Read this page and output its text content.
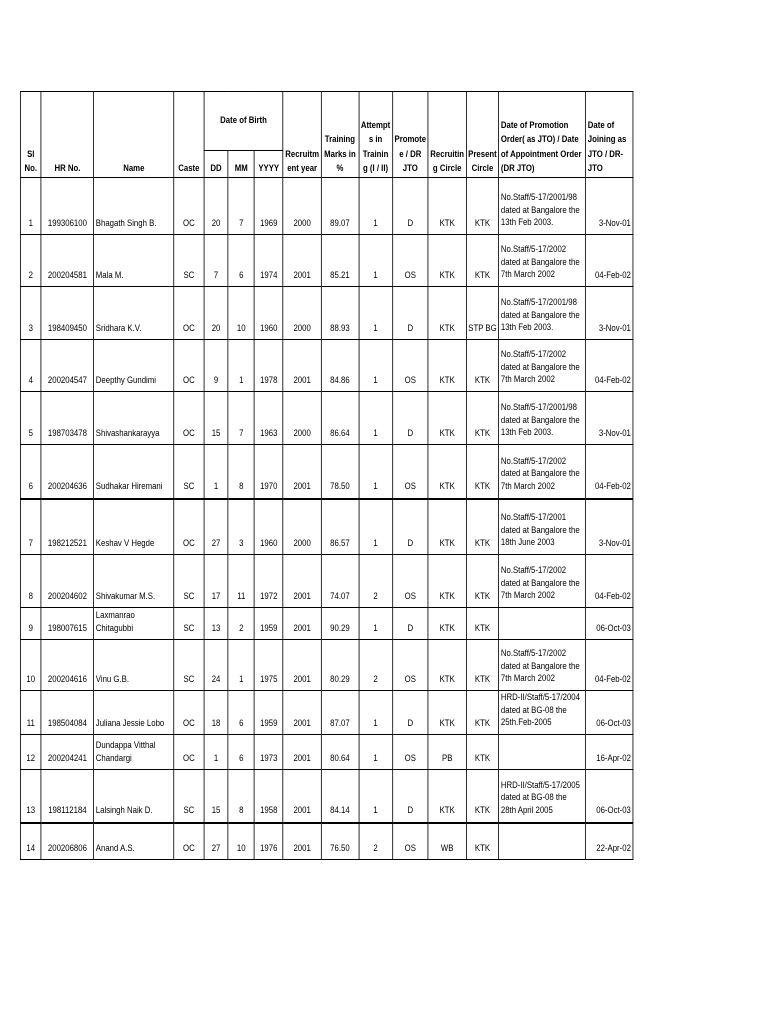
Sl No.	HR No.	Name	Caste	Date of Birth			Recruitm ent year	Training Marks in %	Attempt s in Trainin g (I / II)	Promote e / DR JTO	Recruitin g Circle	Present Circle	Date of Promotion Order( as JTO) / Date of Appointment Order (DR JTO)	Date of Joining as JTO / DR- JTO
				DD	MM	YYYY								
1	199306100	Bhagath Singh B.	OC	20	7	1969	2000	89.07	1	D	KTK	KTK	No.Staff/5-17/2001/98 dated at Bangalore the 13th Feb 2003.	3-Nov-01
2	200204581	Mala M.	SC	7	6	1974	2001	85.21	1	OS	KTK	KTK	No.Staff/5-17/2002 dated at Bangalore the 7th March 2002	04-Feb-02
3	198409450	Sridhara K.V.	OC	20	10	1960	2000	88.93	1	D	KTK	STP BG	No.Staff/5-17/2001/98 dated at Bangalore the 13th Feb 2003.	3-Nov-01
4	200204547	Deepthy Gundimi	OC	9	1	1978	2001	84.86	1	OS	KTK	KTK	No.Staff/5-17/2002 dated at Bangalore the 7th March 2002	04-Feb-02
5	198703478	Shivashankarayya	OC	15	7	1963	2000	86.64	1	D	KTK	KTK	No.Staff/5-17/2001/98 dated at Bangalore the 13th Feb 2003.	3-Nov-01
6	200204636	Sudhakar Hiremani	SC	1	8	1970	2001	78.50	1	OS	KTK	KTK	No.Staff/5-17/2002 dated at Bangalore the 7th March 2002	04-Feb-02
7	198212521	Keshav V Hegde	OC	27	3	1960	2000	86.57	1	D	KTK	KTK	No.Staff/5-17/2001 dated at Bangalore the 18th June 2003	3-Nov-01
8	200204602	Shivakumar M.S.	SC	17	11	1972	2001	74.07	2	OS	KTK	KTK	No.Staff/5-17/2002 dated at Bangalore the 7th March 2002	04-Feb-02
9	198007615	Laxmanrao Chitagubbi	SC	13	2	1959	2001	90.29	1	D	KTK	KTK		06-Oct-03
10	200204616	Vinu G.B.	SC	24	1	1975	2001	80.29	2	OS	KTK	KTK	No.Staff/5-17/2002 dated at Bangalore the 7th March 2002	04-Feb-02
11	198504084	Juliana Jessie Lobo	OC	18	6	1959	2001	87.07	1	D	KTK	KTK	HRD-II/Staff/5-17/2004 dated at BG-08 the 25th.Feb-2005	06-Oct-03
12	200204241	Dundappa Vitthal Chandargi	OC	1	6	1973	2001	80.64	1	OS	PB	KTK		16-Apr-02
13	198112184	Lalsingh Naik D.	SC	15	8	1958	2001	84.14	1	D	KTK	KTK	HRD-II/Staff/5-17/2005 dated at BG-08 the 28th April 2005	06-Oct-03
14	200206806	Anand A.S.	OC	27	10	1976	2001	76.50	2	OS	WB	KTK		22-Apr-02
